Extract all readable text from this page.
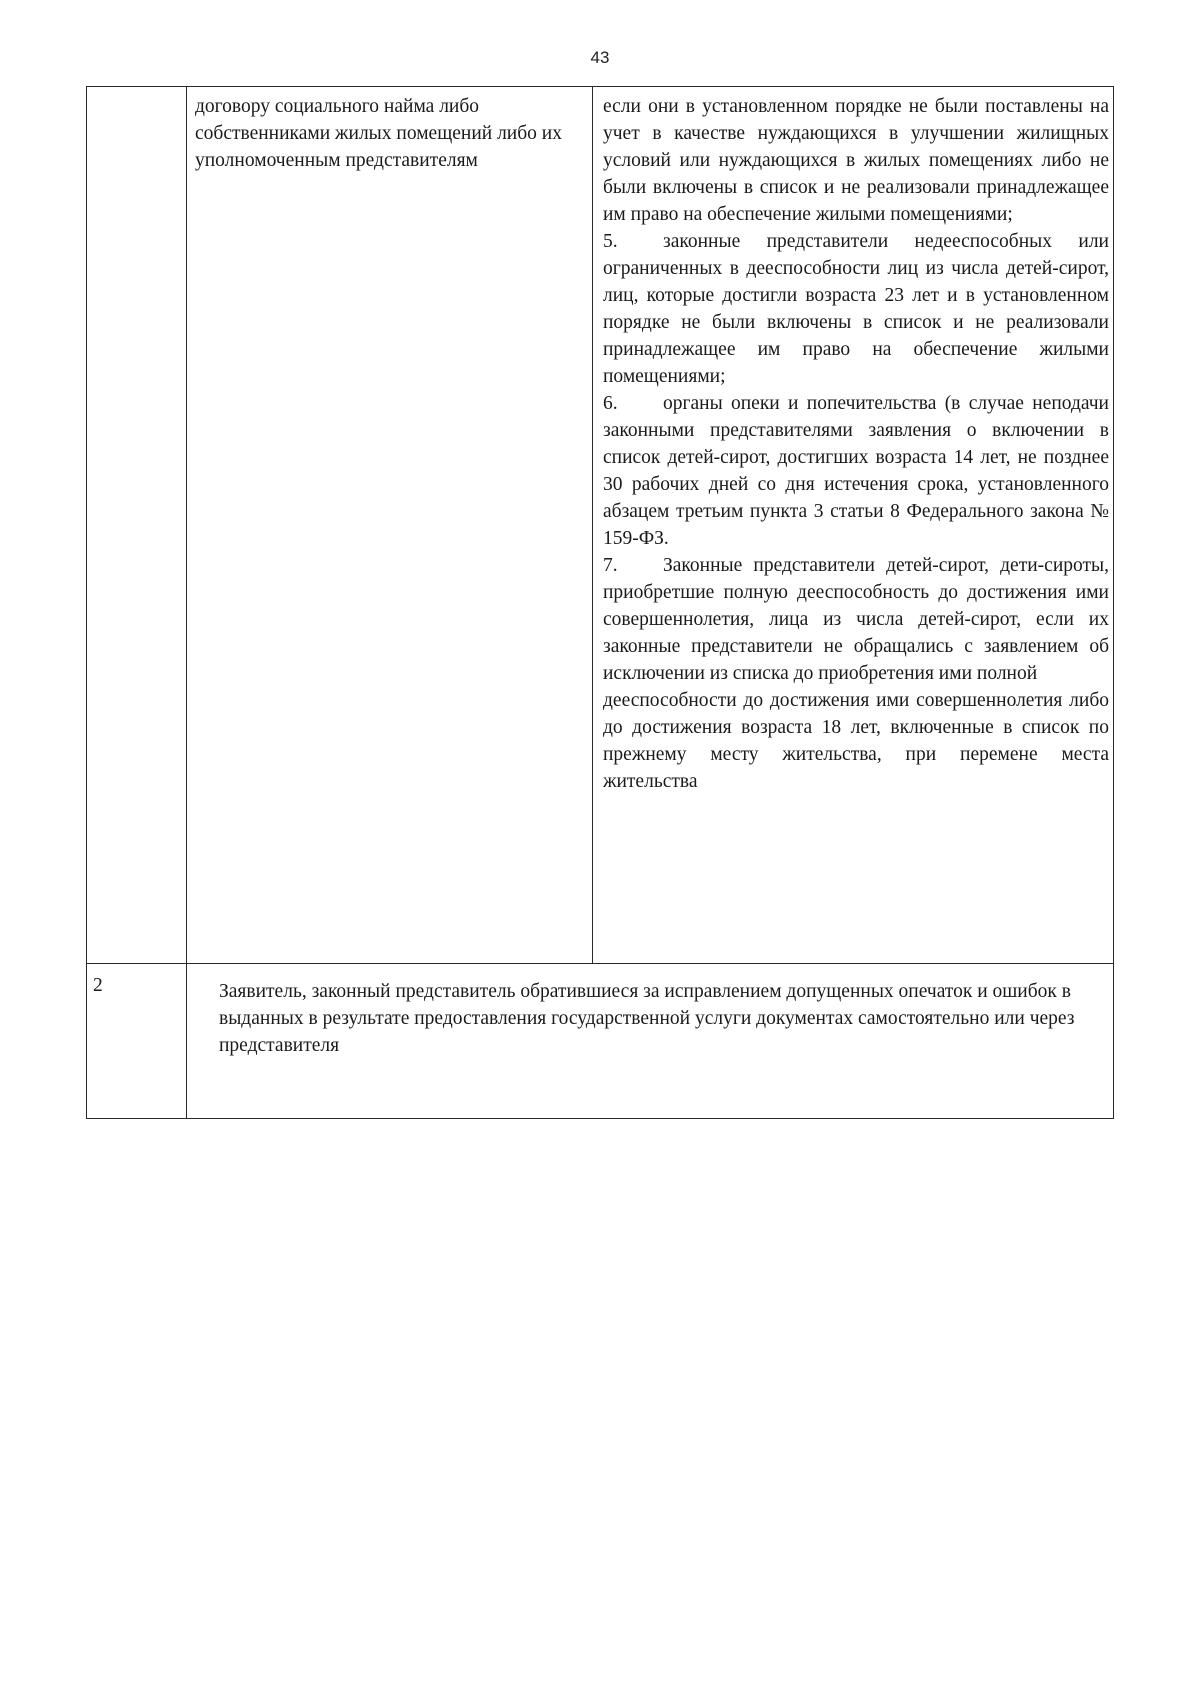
43

	договору социального найма либо собственниками жилых помещений либо их уполномоченным представителям	если они в установленном порядке не были поставлены на учет в качестве нуждающихся в улучшении жилищных условий или нуждающихся в жилых помещениях либо не были включены в список и не реализовали принадлежащее им право на обеспечение жилыми помещениями;

5. законные представители недееспособных или ограниченных в дееспособности лиц из числа детей-сирот, лиц, которые достигли возраста 23 лет и в установленном порядке не были включены в список и не реализовали принадлежащее им право на обеспечение жилыми помещениями;

6. органы опеки и попечительства (в случае неподачи законными представителями заявления о включении в список детей-сирот, достигших возраста 14 лет, не позднее 30 рабочих дней со дня истечения срока, установленного абзацем третьим пункта 3 статьи 8 Федерального закона № 159-ФЗ.

7. Законные представители детей-сирот, дети-сироты, приобретшие полную дееспособность до достижения ими совершеннолетия, лица из числа детей-сирот, если их законные представители не обращались с заявлением об исключении из списка до приобретения ими полной

дееспособности до достижения ими совершеннолетия либо до достижения возраста 18 лет, включенные в список по прежнему месту жительства, при перемене места жительства

2	Заявитель, законный представитель обратившиеся за исправлением допущенных опечаток и ошибок в выданных в результате предоставления государственной услуги документах самостоятельно или через представителя	
